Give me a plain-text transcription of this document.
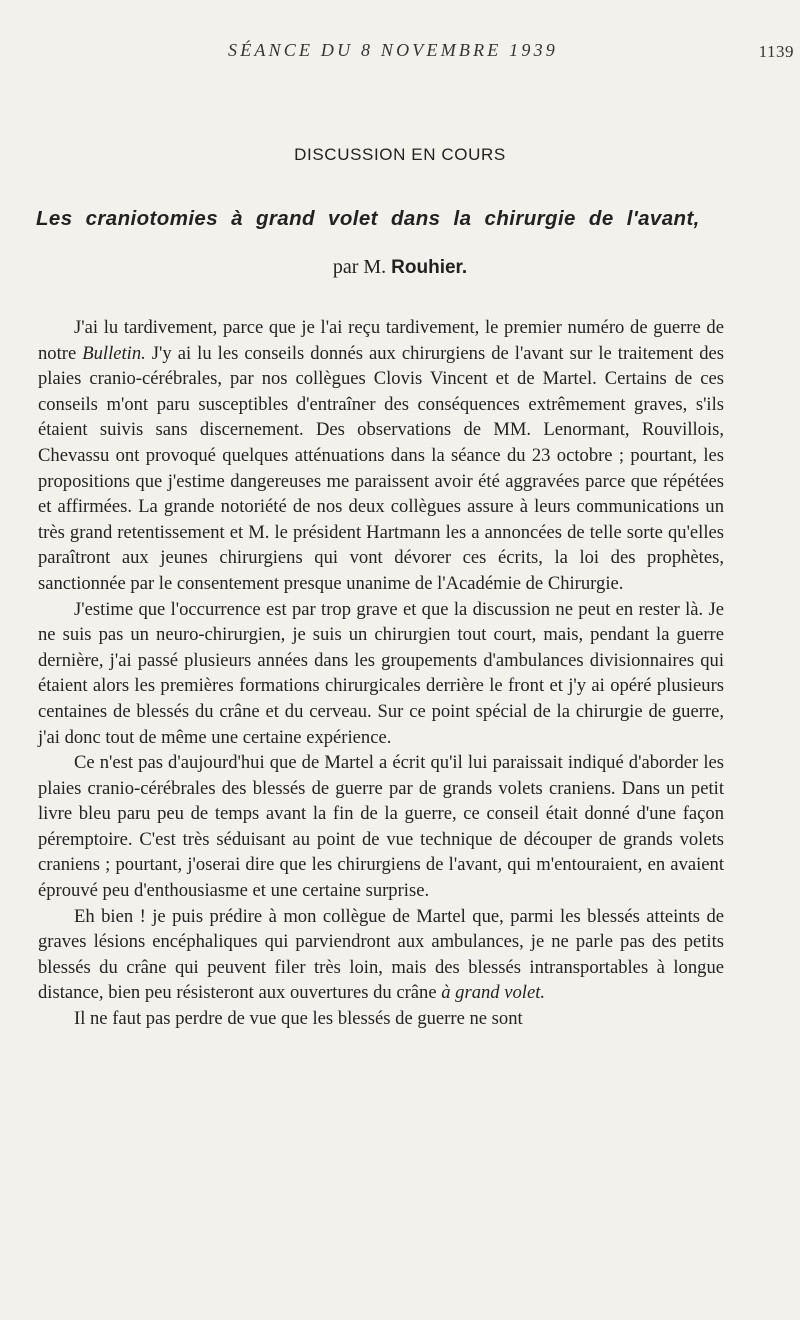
SÉANCE DU 8 NOVEMBRE 1939	1139
DISCUSSION EN COURS
Les craniotomies à grand volet dans la chirurgie de l'avant,
par M. Rouhier.

J'ai lu tardivement, parce que je l'ai reçu tardivement, le premier numéro de guerre de notre Bulletin. J'y ai lu les conseils donnés aux chirurgiens de l'avant sur le traitement des plaies cranio-cérébrales, par nos collègues Clovis Vincent et de Martel. Certains de ces conseils m'ont paru susceptibles d'entraîner des conséquences extrêmement graves, s'ils étaient suivis sans discernement. Des observations de MM. Lenormant, Rouvillois, Chevassu ont provoqué quelques atténuations dans la séance du 23 octobre ; pourtant, les propositions que j'estime dangereuses me paraissent avoir été aggravées parce que répétées et affirmées. La grande notoriété de nos deux collègues assure à leurs communications un très grand retentissement et M. le président Hartmann les a annoncées de telle sorte qu'elles paraîtront aux jeunes chirurgiens qui vont dévorer ces écrits, la loi des prophètes, sanctionnée par le consentement presque unanime de l'Académie de Chirurgie.

J'estime que l'occurrence est par trop grave et que la discussion ne peut en rester là. Je ne suis pas un neuro-chirurgien, je suis un chirurgien tout court, mais, pendant la guerre dernière, j'ai passé plusieurs années dans les groupements d'ambulances divisionnaires qui étaient alors les premières formations chirurgicales derrière le front et j'y ai opéré plusieurs centaines de blessés du crâne et du cerveau. Sur ce point spécial de la chirurgie de guerre, j'ai donc tout de même une certaine expérience.

Ce n'est pas d'aujourd'hui que de Martel a écrit qu'il lui paraissait indiqué d'aborder les plaies cranio-cérébrales des blessés de guerre par de grands volets craniens. Dans un petit livre bleu paru peu de temps avant la fin de la guerre, ce conseil était donné d'une façon péremptoire. C'est très séduisant au point de vue technique de découper de grands volets craniens ; pourtant, j'oserai dire que les chirurgiens de l'avant, qui m'entouraient, en avaient éprouvé peu d'enthousiasme et une certaine surprise.

Eh bien ! je puis prédire à mon collègue de Martel que, parmi les blessés atteints de graves lésions encéphaliques qui parviendront aux ambulances, je ne parle pas des petits blessés du crâne qui peuvent filer très loin, mais des blessés intransportables à longue distance, bien peu résisteront aux ouvertures du crâne à grand volet.

Il ne faut pas perdre de vue que les blessés de guerre ne sont
